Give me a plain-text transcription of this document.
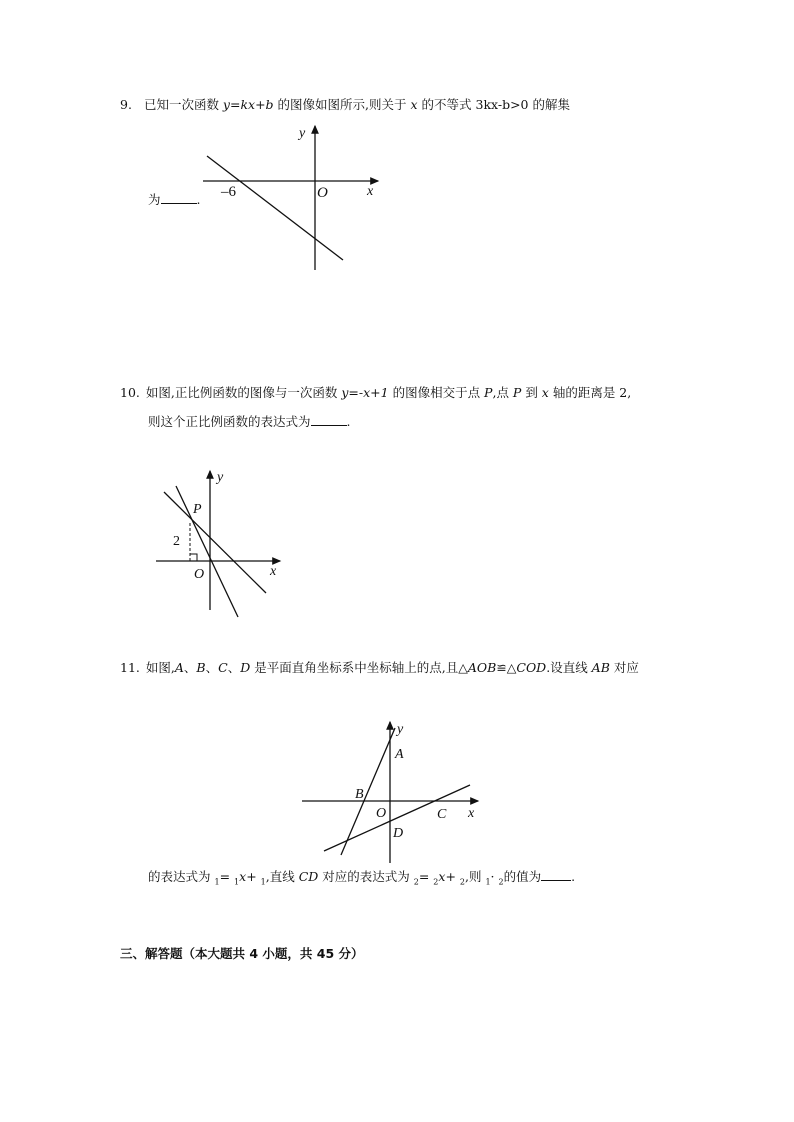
9. 已知一次函数 y=kx+b 的图像如图所示,则关于 x 的不等式 3kx-b>0 的解集
为	.
y
x
O
–6
10. 如图,正比例函数的图像与一次函数 y=-x+1 的图像相交于点 P,点 P 到 x 轴的距离是 2,
则这个正比例函数的表达式为	.
y
x
O
P
2
11. 如图,A、B、C、D 是平面直角坐标系中坐标轴上的点,且△AOB≌△COD.设直线 AB 对应
y
x
O
A
B
C
D
的表达式为 $_1$= $_1$x+ $_1$,直线 CD 对应的表达式为 $_2$= $_2$x+ $_2$,则 $_1$· $_2$的值为 .
三、解答题（本大题共 4 小题，共 45 分）
